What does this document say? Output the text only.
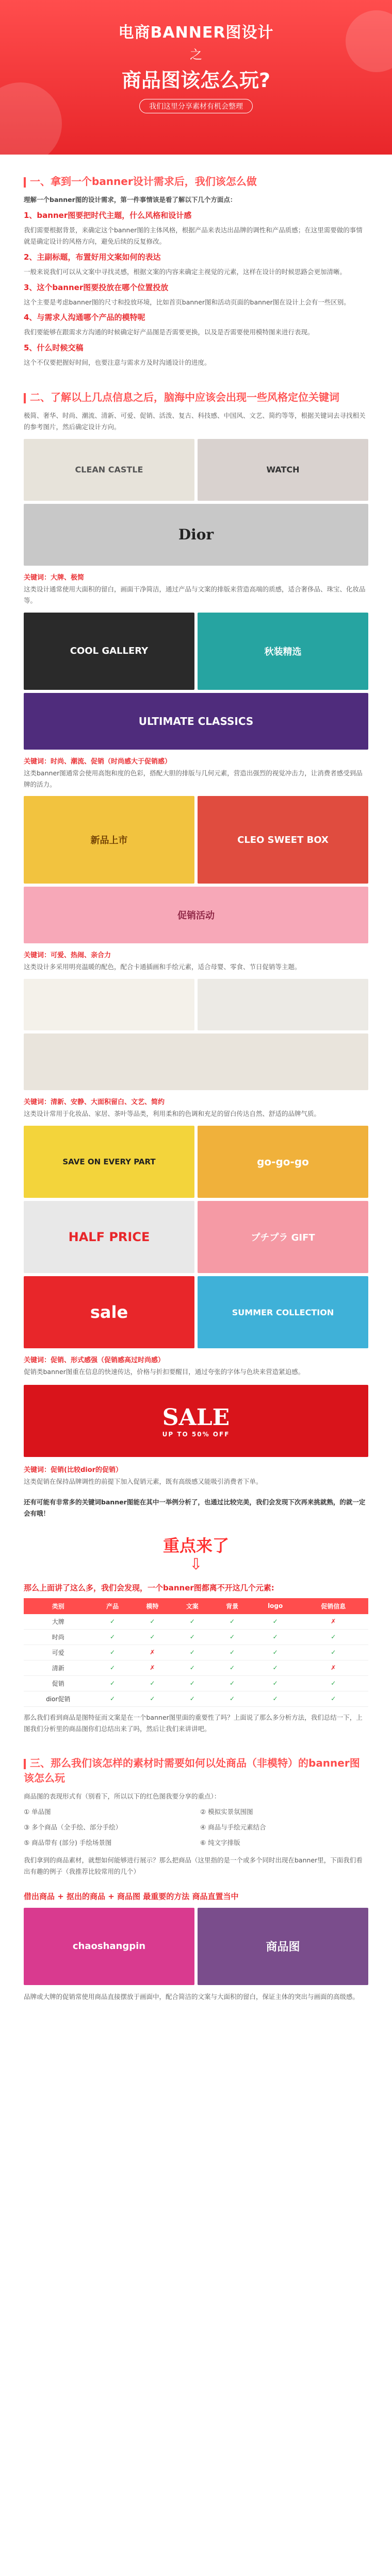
电商BANNER图设计
之
商品图该怎么玩?
我们这里分享素材有机会整理
一、拿到一个banner设计需求后，我们该怎么做
理解一个banner图的设计需求，第一件事情该是看了解以下几个方面点：
1、banner图要把时代主题，什么风格和设计感
我们需要根据背景，来确定这个banner图的主体风格，根据产品来表达出品牌的调性和产品质感；在这里需要做的事情就是确定设计的风格方向，避免后续的反复修改。
2、主副标题，布置好用文案如何的表达
一般来说我们可以从文案中寻找灵感，根据文案的内容来确定主视觉的元素，这样在设计的时候思路会更加清晰。
3、这个banner图要投放在哪个位置投放
这个主要是考虑banner图的尺寸和投放环境，比如首页banner图和活动页面的banner图在设计上会有一些区别。
4、与需求人沟通哪个产品的模特呢
我们要能够在跟需求方沟通的时候确定好产品图是否需要更换，以及是否需要使用模特图来进行表现。
5、什么时候交稿
这个不仅要把握好时间，也要注意与需求方及时沟通设计的进度。
二、了解以上几点信息之后，脑海中应该会出现一些风格定位关键词
极简、奢华、时尚、潮流、清新、可爱、促销、活泼、复古、科技感、中国风、文艺、简约等等，根据关键词去寻找相关的参考图片，然后确定设计方向。
CLEAN CASTLE	WATCH
Dior
关键词：大牌、极简
这类设计通常使用大面积的留白，画面干净简洁，通过产品与文案的排版来营造高端的质感，适合奢侈品、珠宝、化妆品等。
COOL GALLERY	秋装精选
ULTIMATE CLASSICS
关键词：时尚、潮流、促销（时尚感大于促销感）
这类banner图通常会使用高饱和度的色彩，搭配大胆的排版与几何元素，营造出强烈的视觉冲击力，让消费者感受到品牌的活力。
新品上市	CLEO SWEET BOX
促销活动
关键词：可爱、热闹、亲合力
这类设计多采用明亮温暖的配色，配合卡通插画和手绘元素，适合母婴、零食、节日促销等主题。
关键词：清新、安静、大面积留白、文艺、简约
这类设计常用于化妆品、家居、茶叶等品类，利用柔和的色调和充足的留白传达自然、舒适的品牌气质。
SAVE ON EVERY PART	go-go-go
HALF PRICE	プチプラ GIFT
sale	SUMMER COLLECTION
关键词：促销、形式感强（促销感高过时尚感）
促销类banner图重在信息的快速传达，价格与折扣要醒目，通过夸张的字体与色块来营造紧迫感。
SALE
UP TO 50% OFF
关键词：促销(比较dior的促销）
这类促销在保持品牌调性的前提下加入促销元素，既有高级感又能吸引消费者下单。
还有可能有非常多的关键词banner图能在其中一举例分析了，也通过比较完美，我们会发现下次再来挑就熟，的就一定会有哦！
重点来了
⇩
那么上面讲了这么多，我们会发现，一个banner图都离不开这几个元素:
类别	产品	模特	文案	背景	logo	促销信息
大牌	✓	✓	✓	✓	✓	✗
时尚	✓	✓	✓	✓	✓	✓
可爱	✓	✗	✓	✓	✓	✓
清新	✓	✗	✓	✓	✓	✗
促销	✓	✓	✓	✓	✓	✓
dior促销	✓	✓	✓	✓	✓	✓
那么我们看到商品是图特征而文案是在一个banner图里面的重要性了吗？上面说了那么多分析方法，我们总结一下，上图我们分析里的商品图你们总结出来了吗，然后让我们来讲讲吧。
三、那么我们该怎样的素材时需要如何以处商品（非模特）的banner图该怎么玩
商品图的表现形式有（别看下，所以以下的红色图我要分享的重点）：
① 单品图	② 模拟实景氛围图
③ 多个商品（全手绘、部分手绘）	④ 商品与手绘元素结合
⑤ 商品带有 (部分) 手绘场景图	⑥ 纯文字排版
我们拿到的商品素材，就想如何能够进行展示？那么把商品（这里指的是一个或多个同时出现在banner里，下面我们看出有趣的例子（我推荐比较常用的几个）
借出商品 + 抠出的商品 + 商品图 最重要的方法 商品直置当中
chaoshangpin	商品图
品牌或大牌的促销常使用商品直接摆放于画面中，配合简洁的文案与大面积的留白，保证主体的突出与画面的高级感。
